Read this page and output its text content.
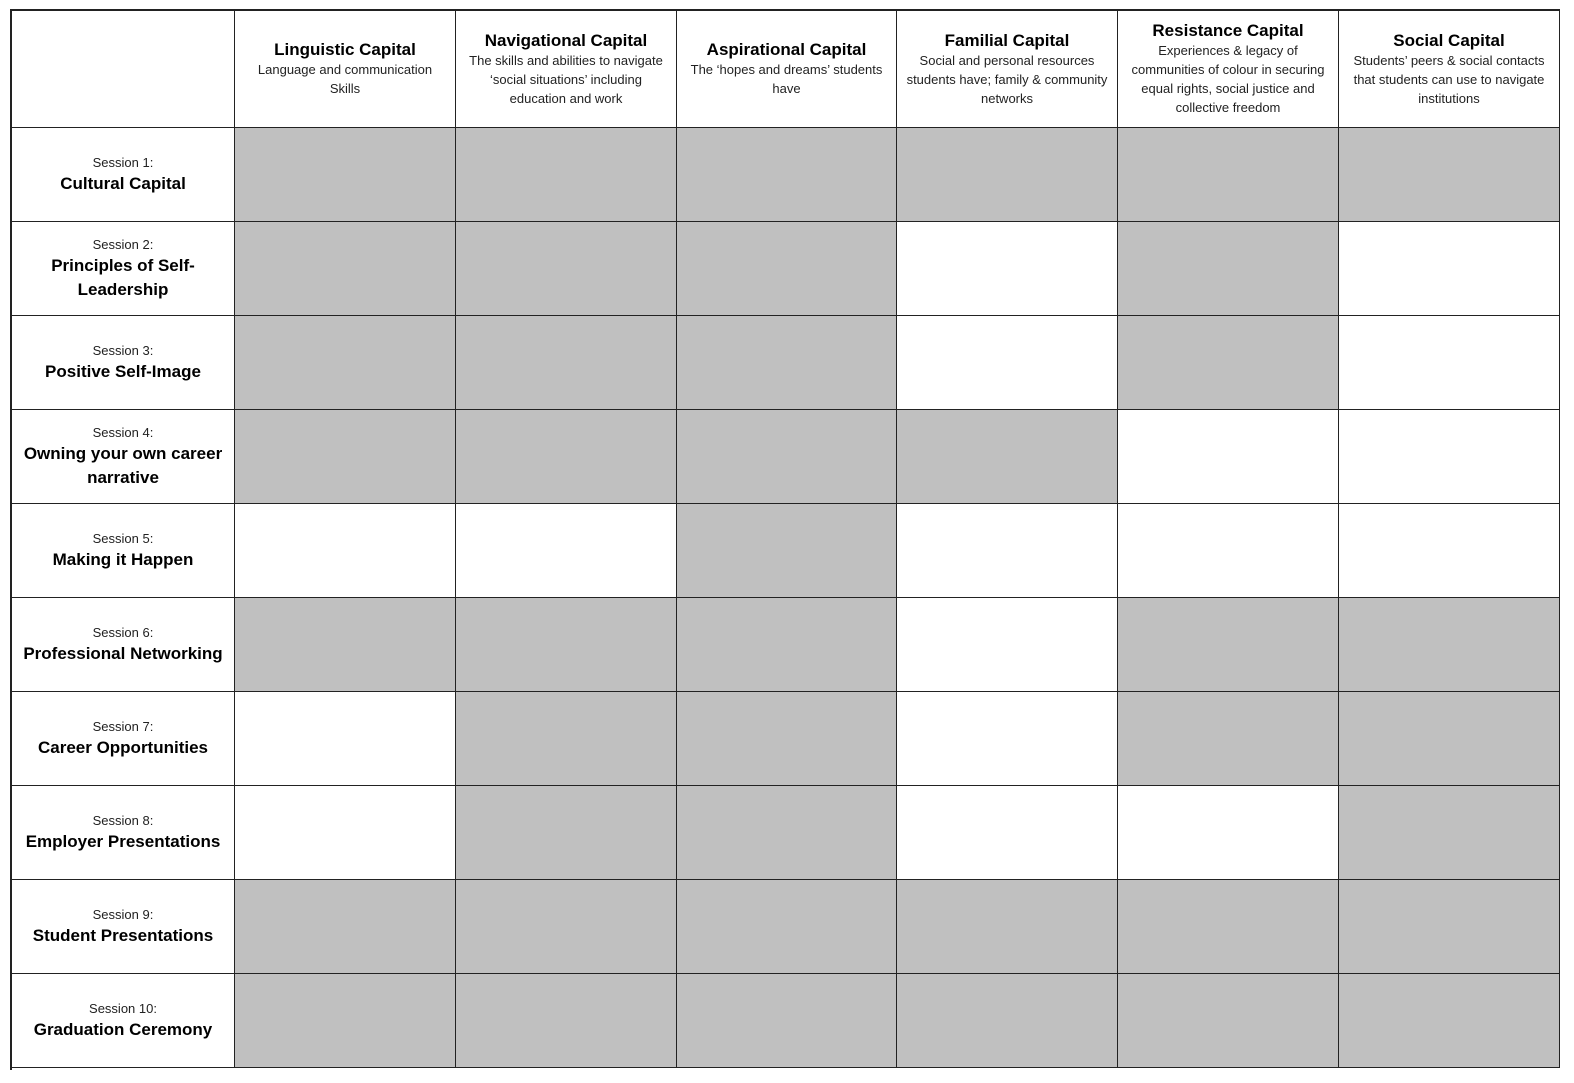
Linguistic Capital
Language and communication Skills
Navigational Capital
The skills and abilities to navigate ‘social situations’ including education and work
Aspirational Capital
The ‘hopes and dreams’ students have
Familial Capital
Social and personal resources students have; family & community networks
Resistance Capital
Experiences & legacy of communities of colour in securing equal rights, social justice and collective freedom
Social Capital
Students’ peers & social contacts that students can use to navigate institutions
Session 1:
Cultural Capital
Session 2:
Principles of Self-Leadership
Session 3:
Positive Self-Image
Session 4:
Owning your own career narrative
Session 5:
Making it Happen
Session 6:
Professional Networking
Session 7:
Career Opportunities
Session 8:
Employer Presentations
Session 9:
Student Presentations
Session 10:
Graduation Ceremony
